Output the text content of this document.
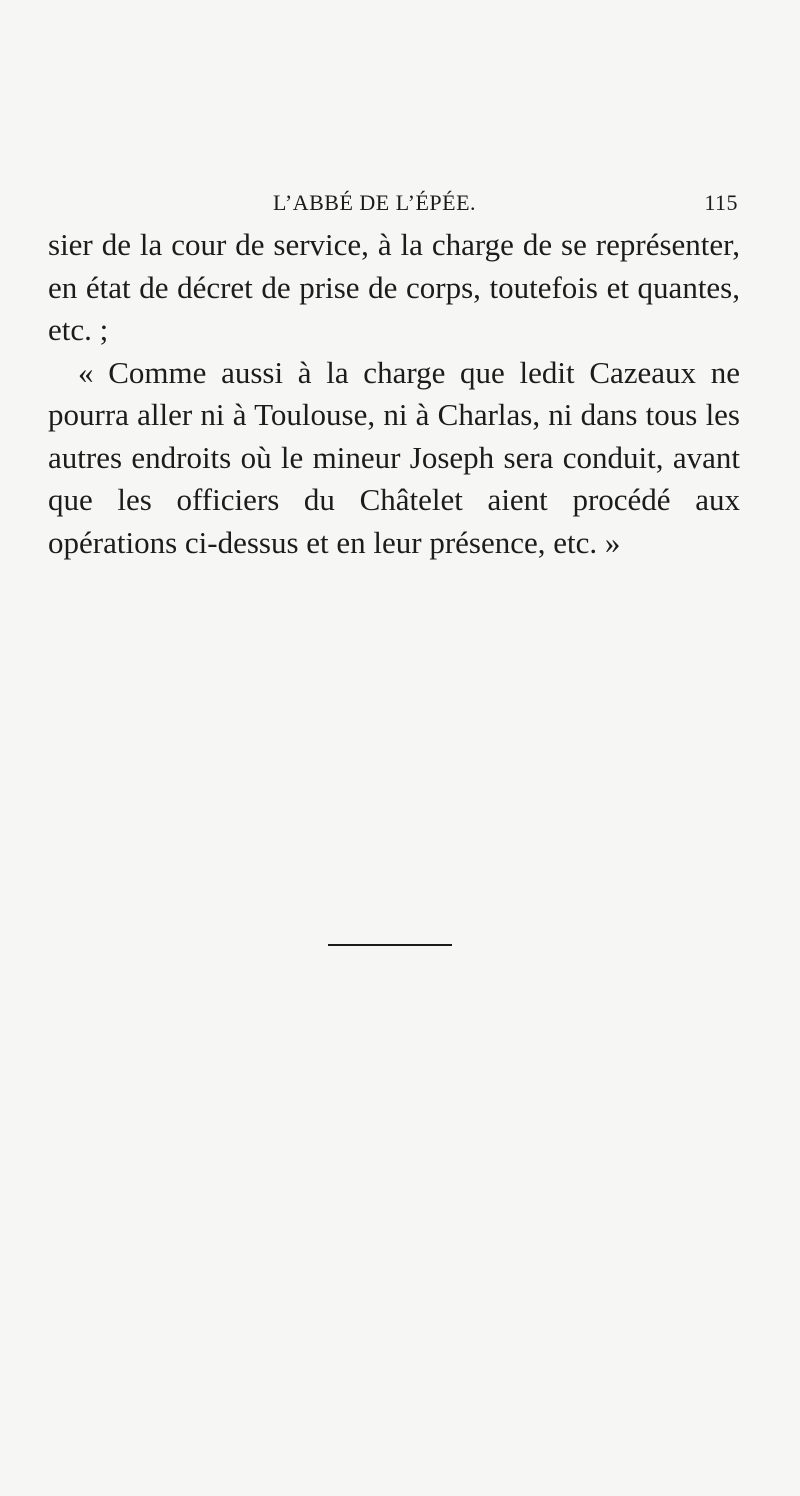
L’ABBÉ DE L’ÉPÉE.	115

sier de la cour de service, à la charge de se représenter, en état de décret de prise de corps, toutefois et quantes, etc. ;

« Comme aussi à la charge que ledit Cazeaux ne pourra aller ni à Toulouse, ni à Charlas, ni dans tous les autres endroits où le mineur Joseph sera conduit, avant que les officiers du Châtelet aient procédé aux opérations ci-dessus et en leur présence, etc. »
